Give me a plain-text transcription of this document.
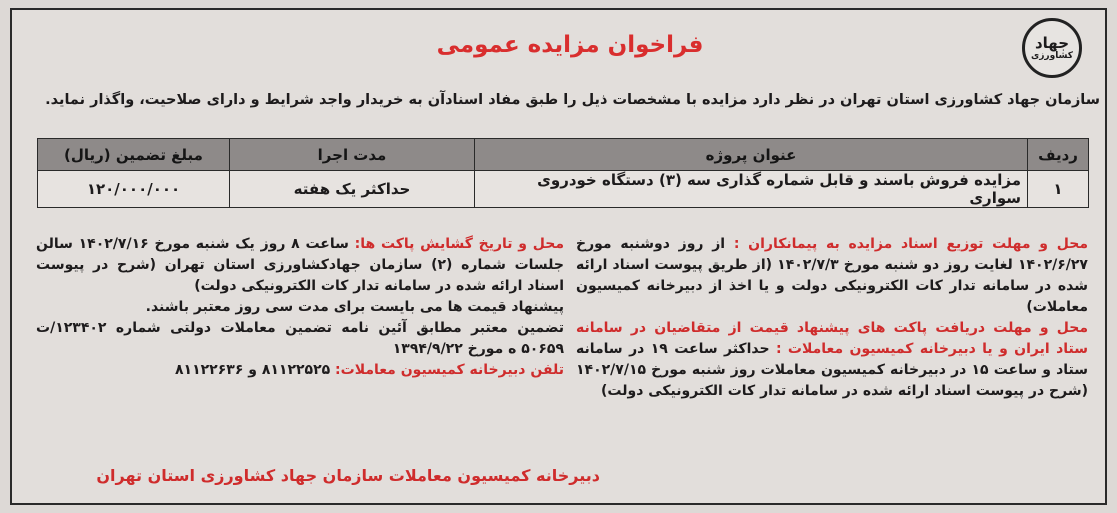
جهاد
کشاورزی
فراخوان مزایده عمومی
سازمان جهاد کشاورزی استان تهران در نظر دارد مزایده با مشخصات ذیل را طبق مفاد اسنادآن به خریدار واجد شرایط و دارای صلاحیت، واگذار نماید.
ردیف	عنوان پروژه	مدت اجرا	مبلغ تضمین (ریال)
۱	مزایده فروش باسند و قابل شماره گذاری سه (۳) دستگاه خودروی سواری	حداکثر یک هفته	۱۲۰/۰۰۰/۰۰۰

محل و مهلت توزیع اسناد مزایده به پیمانکاران : از روز دوشنبه مورخ ۱۴۰۲/۶/۲۷ لغایت روز دو شنبه مورخ ۱۴۰۲/۷/۳ (از طریق پیوست اسناد ارائه شده در سامانه تدار کات الکترونیکی دولت و یا اخذ از دبیرخانه کمیسیون معاملات)

محل و مهلت دریافت پاکت های پیشنهاد قیمت از متقاضیان در سامانه ستاد ایران و یا دبیرخانه کمیسیون معاملات : حداکثر ساعت ۱۹ در سامانه ستاد و ساعت ۱۵ در دبیرخانه کمیسیون معاملات روز شنبه مورخ ۱۴۰۲/۷/۱۵ (شرح در پیوست اسناد ارائه شده در سامانه تدار کات الکترونیکی دولت)

محل و تاریخ گشایش پاکت ها: ساعت ۸ روز یک شنبه مورخ ۱۴۰۲/۷/۱۶ سالن جلسات شماره (۲) سازمان جهادکشاورزی استان تهران (شرح در پیوست اسناد ارائه شده در سامانه تدار کات الکترونیکی دولت)

پیشنهاد قیمت ها می بایست برای مدت سی روز معتبر باشند.

تضمین معتبر مطابق آئین نامه تضمین معاملات دولتی شماره ۱۲۳۴۰۲/ت ۵۰۶۵۹ ه مورخ ۱۳۹۴/۹/۲۲

تلفن دبیرخانه کمیسیون معاملات: ۸۱۱۲۲۵۲۵ و ۸۱۱۲۲۶۳۶

دبیرخانه کمیسیون معاملات سازمان جهاد کشاورزی استان تهران
